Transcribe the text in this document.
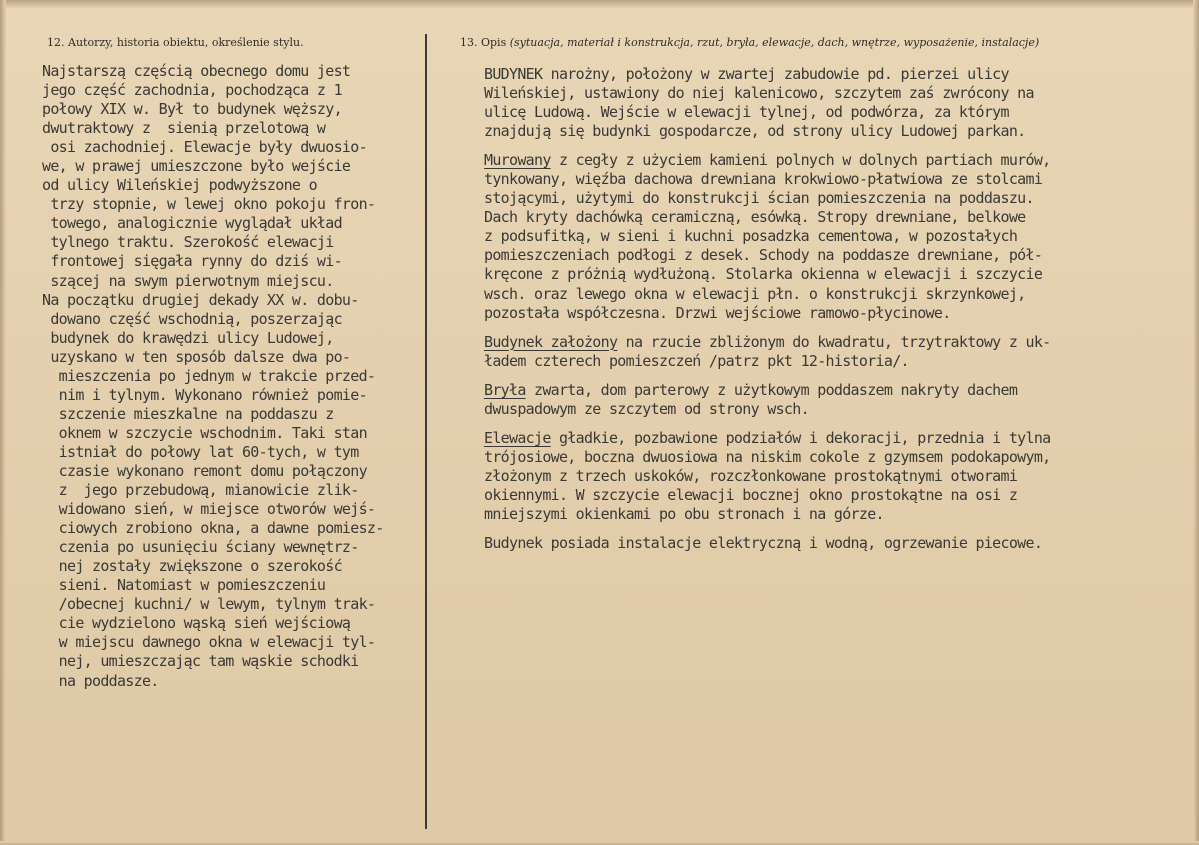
12. Autorzy, historia obiektu, określenie stylu.	13. Opis (sytuacja, materiał i konstrukcja, rzut, bryła, elewacje, dach, wnętrze, wyposażenie, instalacje)
Najstarszą częścią obecnego domu jest
jego część zachodnia, pochodząca z 1
połowy XIX w. Był to budynek węższy,
dwutraktowy z  sienią przelotową w
osi zachodniej. Elewacje były dwuosio-
we, w prawej umieszczone było wejście
od ulicy Wileńskiej podwyższone o
trzy stopnie, w lewej okno pokoju fron-
towego, analogicznie wyglądał układ
tylnego traktu. Szerokość elewacji
frontowej sięgała rynny do dziś wi-
szącej na swym pierwotnym miejscu.
Na początku drugiej dekady XX w. dobu-
dowano część wschodnią, poszerzając
budynek do krawędzi ulicy Ludowej,
uzyskano w ten sposób dalsze dwa po-
mieszczenia po jednym w trakcie przed-
nim i tylnym. Wykonano również pomie-
szczenie mieszkalne na poddaszu z
oknem w szczycie wschodnim. Taki stan
istniał do połowy lat 60-tych, w tym
czasie wykonano remont domu połączony
z  jego przebudową, mianowicie zlik-
widowano sień, w miejsce otworów wejś-
ciowych zrobiono okna, a dawne pomiesz-
czenia po usunięciu ściany wewnętrz-
nej zostały zwiększone o szerokość
sieni. Natomiast w pomieszczeniu
/obecnej kuchni/ w lewym, tylnym trak-
cie wydzielono wąską sień wejściową
w miejscu dawnego okna w elewacji tyl-
nej, umieszczając tam wąskie schodki
na poddasze.
BUDYNEK narożny, położony w zwartej zabudowie pd. pierzei ulicy
Wileńskiej, ustawiony do niej kalenicowo, szczytem zaś zwrócony na
ulicę Ludową. Wejście w elewacji tylnej, od podwórza, za którym
znajdują się budynki gospodarcze, od strony ulicy Ludowej parkan.
Murowany z cegły z użyciem kamieni polnych w dolnych partiach murów,
tynkowany, więźba dachowa drewniana krokwiowo-płatwiowa ze stolcami
stojącymi, użytymi do konstrukcji ścian pomieszczenia na poddaszu.
Dach kryty dachówką ceramiczną, esówką. Stropy drewniane, belkowe
z podsufitką, w sieni i kuchni posadzka cementowa, w pozostałych
pomieszczeniach podłogi z desek. Schody na poddasze drewniane, pół-
kręcone z próżnią wydłużoną. Stolarka okienna w elewacji i szczycie
wsch. oraz lewego okna w elewacji płn. o konstrukcji skrzynkowej,
pozostała współczesna. Drzwi wejściowe ramowo-płycinowe.
Budynek założony na rzucie zbliżonym do kwadratu, trzytraktowy z uk-
ładem czterech pomieszczeń /patrz pkt 12-historia/.
Bryła zwarta, dom parterowy z użytkowym poddaszem nakryty dachem
dwuspadowym ze szczytem od strony wsch.
Elewacje gładkie, pozbawione podziałów i dekoracji, przednia i tylna
trójosiowe, boczna dwuosiowa na niskim cokole z gzymsem podokapowym,
złożonym z trzech uskoków, rozczłonkowane prostokątnymi otworami
okiennymi. W szczycie elewacji bocznej okno prostokątne na osi z
mniejszymi okienkami po obu stronach i na górze.
Budynek posiada instalacje elektryczną i wodną, ogrzewanie piecowe.
